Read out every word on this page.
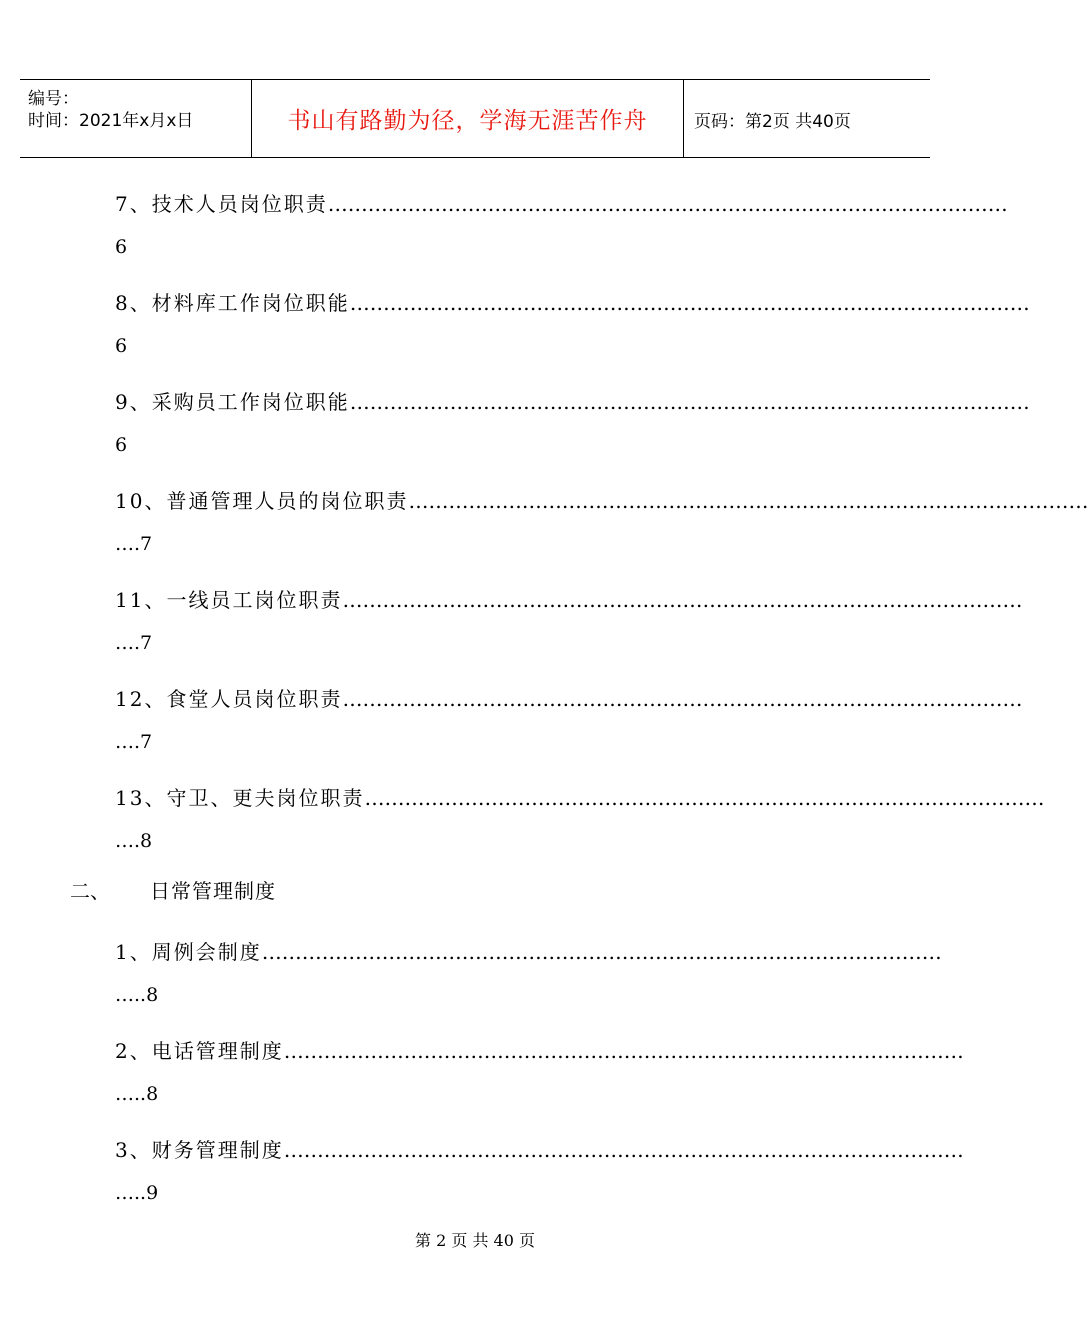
编号：
时间：2021年x月x日	书山有路勤为径，学海无涯苦作舟	页码：第2页 共40页
7、技术人员岗位职责…………………………………………………………………………………………
6
8、材料库工作岗位职能…………………………………………………………………………………………
6
9、采购员工作岗位职能…………………………………………………………………………………………
6
10、普通管理人员的岗位职责…………………………………………………………………………………………
….7
11、一线员工岗位职责…………………………………………………………………………………………
….7
12、食堂人员岗位职责…………………………………………………………………………………………
….7
13、守卫、更夫岗位职责…………………………………………………………………………………………
….8
二、 日常管理制度
1、周例会制度…………………………………………………………………………………………
…..8
2、电话管理制度…………………………………………………………………………………………
…..8
3、财务管理制度…………………………………………………………………………………………
…..9
第 2 页 共 40 页
